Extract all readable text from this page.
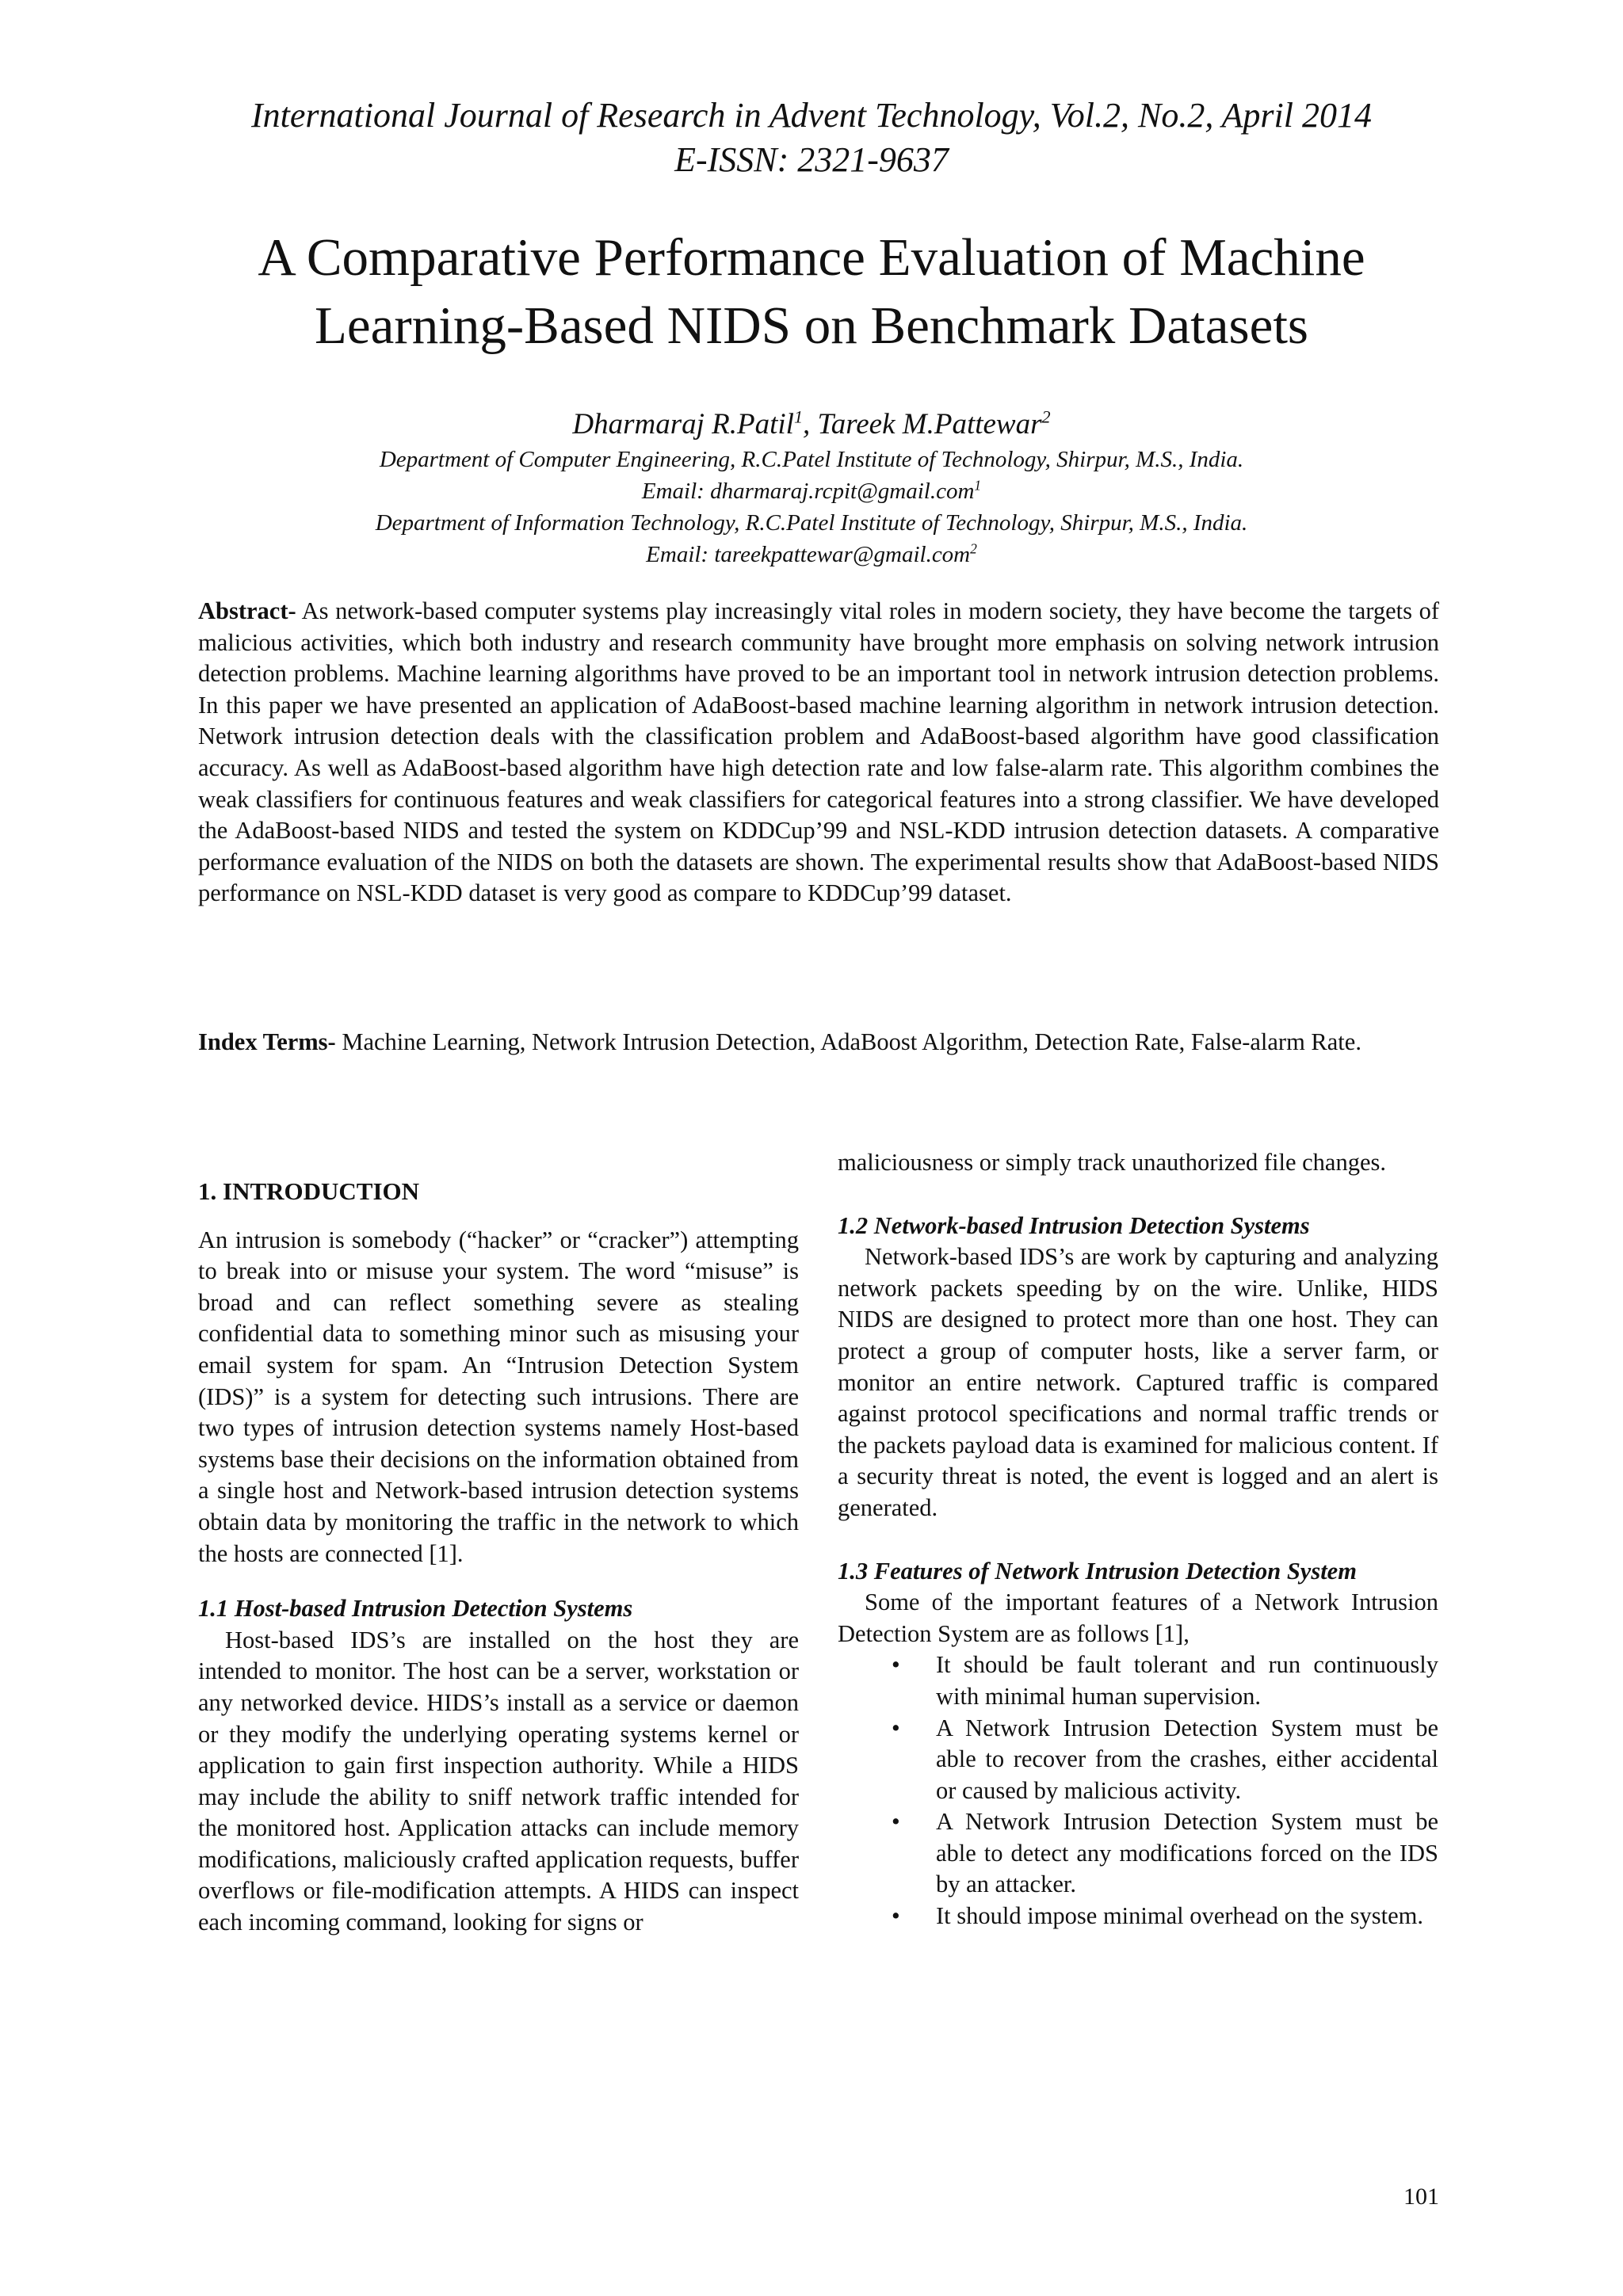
International Journal of Research in Advent Technology, Vol.2, No.2, April 2014
E-ISSN: 2321-9637
A Comparative Performance Evaluation of Machine
Learning-Based NIDS on Benchmark Datasets
Dharmaraj R.Patil$^1$, Tareek M.Pattewar$^2$
Department of Computer Engineering, R.C.Patel Institute of Technology, Shirpur, M.S., India.
Email: dharmaraj.rcpit@gmail.com$^1$
Department of Information Technology, R.C.Patel Institute of Technology, Shirpur, M.S., India.
Email: tareekpattewar@gmail.com$^2$
Abstract- As network-based computer systems play increasingly vital roles in modern society, they have become the targets of malicious activities, which both industry and research community have brought more emphasis on solving network intrusion detection problems. Machine learning algorithms have proved to be an important tool in network intrusion detection problems. In this paper we have presented an application of AdaBoost-based machine learning algorithm in network intrusion detection. Network intrusion detection deals with the classification problem and AdaBoost-based algorithm have good classification accuracy. As well as AdaBoost-based algorithm have high detection rate and low false-alarm rate. This algorithm combines the weak classifiers for continuous features and weak classifiers for categorical features into a strong classifier. We have developed the AdaBoost-based NIDS and tested the system on KDDCup’99 and NSL-KDD intrusion detection datasets. A comparative performance evaluation of the NIDS on both the datasets are shown. The experimental results show that AdaBoost-based NIDS performance on NSL-KDD dataset is very good as compare to KDDCup’99 dataset.
Index Terms- Machine Learning, Network Intrusion Detection, AdaBoost Algorithm, Detection Rate, False-alarm Rate.

1. INTRODUCTION

An intrusion is somebody (“hacker” or “cracker”) attempting to break into or misuse your system. The word “misuse” is broad and can reflect something severe as stealing confidential data to something minor such as misusing your email system for spam. An “Intrusion Detection System (IDS)” is a system for detecting such intrusions. There are two types of intrusion detection systems namely Host-based systems base their decisions on the information obtained from a single host and Network-based intrusion detection systems obtain data by monitoring the traffic in the network to which the hosts are connected [1].

1.1 Host-based Intrusion Detection Systems

Host-based IDS’s are installed on the host they are intended to monitor. The host can be a server, workstation or any networked device. HIDS’s install as a service or daemon or they modify the underlying operating systems kernel or application to gain first inspection authority. While a HIDS may include the ability to sniff network traffic intended for the monitored host. Application attacks can include memory modifications, maliciously crafted application requests, buffer overflows or file-modification attempts. A HIDS can inspect each incoming command, looking for signs or

maliciousness or simply track unauthorized file changes.

1.2 Network-based Intrusion Detection Systems

Network-based IDS’s are work by capturing and analyzing network packets speeding by on the wire. Unlike, HIDS NIDS are designed to protect more than one host. They can protect a group of computer hosts, like a server farm, or monitor an entire network. Captured traffic is compared against protocol specifications and normal traffic trends or the packets payload data is examined for malicious content. If a security threat is noted, the event is logged and an alert is generated.

1.3 Features of Network Intrusion Detection System

Some of the important features of a Network Intrusion Detection System are as follows [1],

• It should be fault tolerant and run continuously with minimal human supervision.
• A Network Intrusion Detection System must be able to recover from the crashes, either accidental or caused by malicious activity.
• A Network Intrusion Detection System must be able to detect any modifications forced on the IDS by an attacker.
• It should impose minimal overhead on the system.
101
